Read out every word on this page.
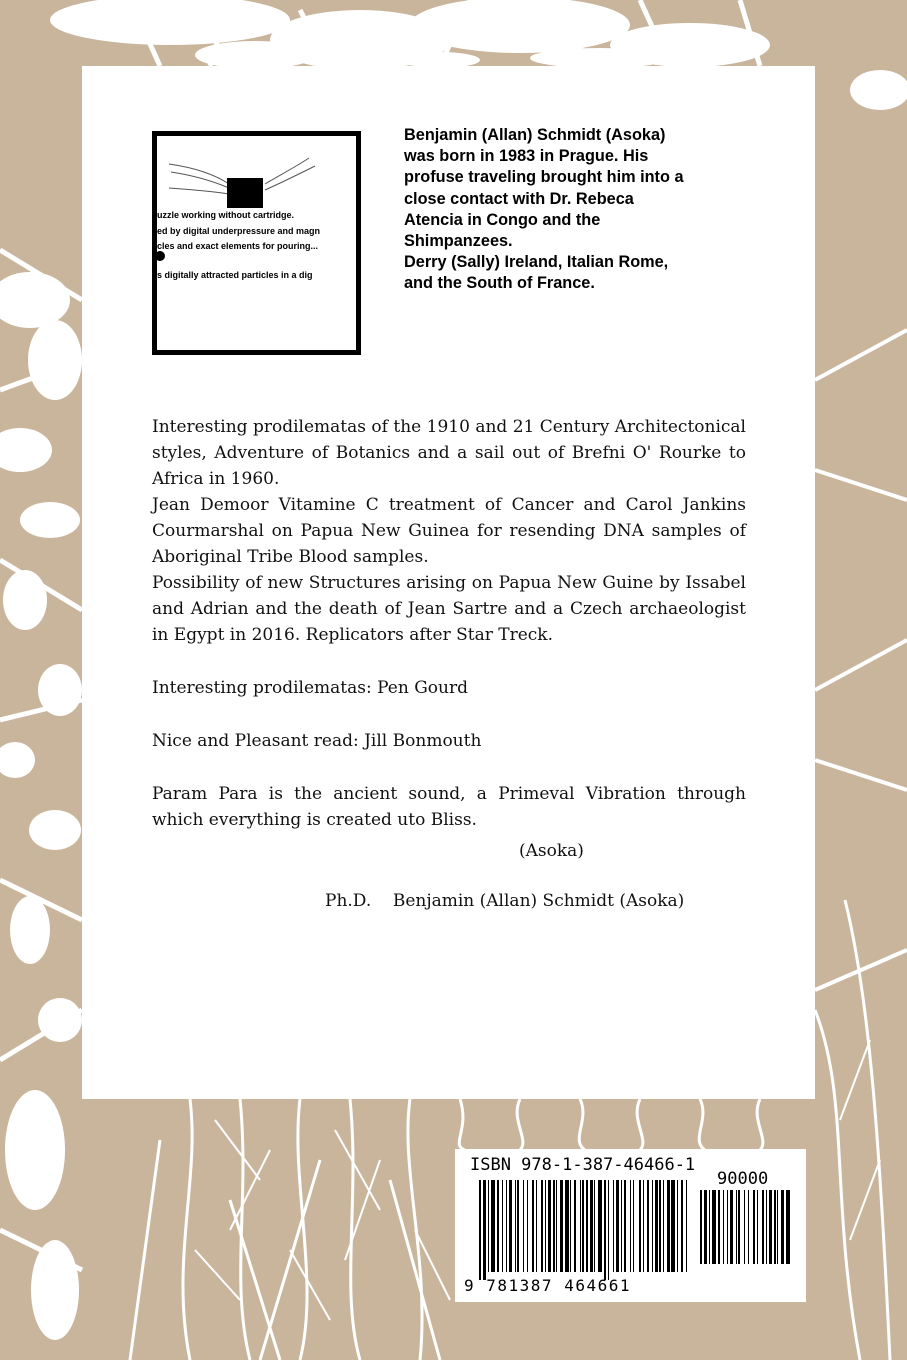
uzzle working without cartridge.
ed by digital underpressure and magn
cles and exact elements for pouring...
s digitally attracted particles in a dig
Benjamin (Allan) Schmidt (Asoka)
was born in 1983 in Prague. His
profuse traveling brought him into a
close contact with Dr. Rebeca
Atencia in Congo and the
Shimpanzees.
Derry (Sally) Ireland, Italian Rome,
and the South of France.

Interesting prodilematas of the 1910 and 21 Century Architectonical styles, Adventure of Botanics and a sail out of Brefni O' Rourke to Africa in 1960.

Jean Demoor Vitamine C treatment of Cancer and Carol Jankins Courmarshal on Papua New Guinea for resending DNA samples of Aboriginal Tribe Blood samples.

Possibility of new Structures arising on Papua New Guine by Issabel and Adrian and the death of Jean Sartre and a Czech archaeologist in Egypt in 2016. Replicators after Star Treck.

Interesting prodilematas: Pen Gourd

Nice and Pleasant read: Jill Bonmouth

Param Para is the ancient sound, a Primeval Vibration through which everything is created uto Bliss.

(Asoka)
Ph.D.    Benjamin (Allan) Schmidt (Asoka)
ISBN 978-1-387-46466-1
90000
9 781387 464661
